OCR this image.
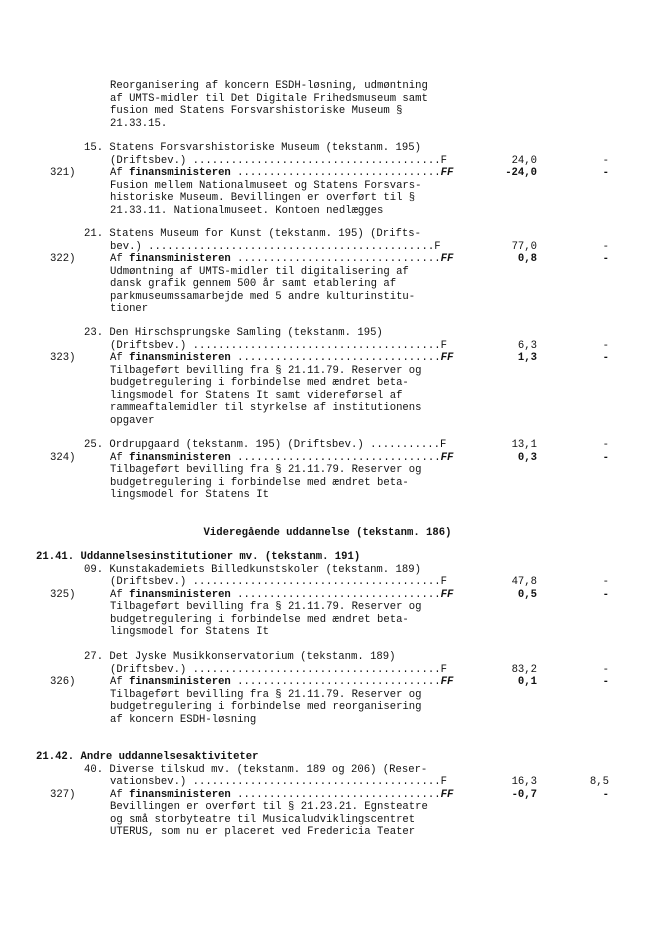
Reorganisering af koncern ESDH-løsning, udmøntning
af UMTS-midler til Det Digitale Frihedsmuseum samt
fusion med Statens Forsvarshistoriske Museum §
21.33.15.
15. Statens Forsvarshistoriske Museum (tekstanm. 195)
(Driftsbev.) .......................................F	24,0	-
321)	Af finansministeren ................................FF	-24,0	-
Fusion mellem Nationalmuseet og Statens Forsvars-
historiske Museum. Bevillingen er overført til §
21.33.11. Nationalmuseet. Kontoen nedlægges
21. Statens Museum for Kunst (tekstanm. 195) (Drifts-
bev.) .............................................F	77,0	-
322)	Af finansministeren ................................FF	0,8	-
Udmøntning af UMTS-midler til digitalisering af
dansk grafik gennem 500 år samt etablering af
parkmuseumssamarbejde med 5 andre kulturinstitu-
tioner
23. Den Hirschsprungske Samling (tekstanm. 195)
(Driftsbev.) .......................................F	6,3	-
323)	Af finansministeren ................................FF	1,3	-
Tilbageført bevilling fra § 21.11.79. Reserver og
budgetregulering i forbindelse med ændret beta-
lingsmodel for Statens It samt videreførsel af
rammeaftalemidler til styrkelse af institutionens
opgaver
25. Ordrupgaard (tekstanm. 195) (Driftsbev.) ...........F	13,1	-
324)	Af finansministeren ................................FF	0,3	-
Tilbageført bevilling fra § 21.11.79. Reserver og
budgetregulering i forbindelse med ændret beta-
lingsmodel for Statens It
Videregående uddannelse (tekstanm. 186)
21.41. Uddannelsesinstitutioner mv. (tekstanm. 191)
09. Kunstakademiets Billedkunstskoler (tekstanm. 189)
(Driftsbev.) .......................................F	47,8	-
325)	Af finansministeren ................................FF	0,5	-
Tilbageført bevilling fra § 21.11.79. Reserver og
budgetregulering i forbindelse med ændret beta-
lingsmodel for Statens It
27. Det Jyske Musikkonservatorium (tekstanm. 189)
(Driftsbev.) .......................................F	83,2	-
326)	Af finansministeren ................................FF	0,1	-
Tilbageført bevilling fra § 21.11.79. Reserver og
budgetregulering i forbindelse med reorganisering
af koncern ESDH-løsning
21.42. Andre uddannelsesaktiviteter
40. Diverse tilskud mv. (tekstanm. 189 og 206) (Reser-
vationsbev.) .......................................F	16,3	8,5
327)	Af finansministeren ................................FF	-0,7	-
Bevillingen er overført til § 21.23.21. Egnsteatre
og små storbyteatre til Musicaludviklingscentret
UTERUS, som nu er placeret ved Fredericia Teater
